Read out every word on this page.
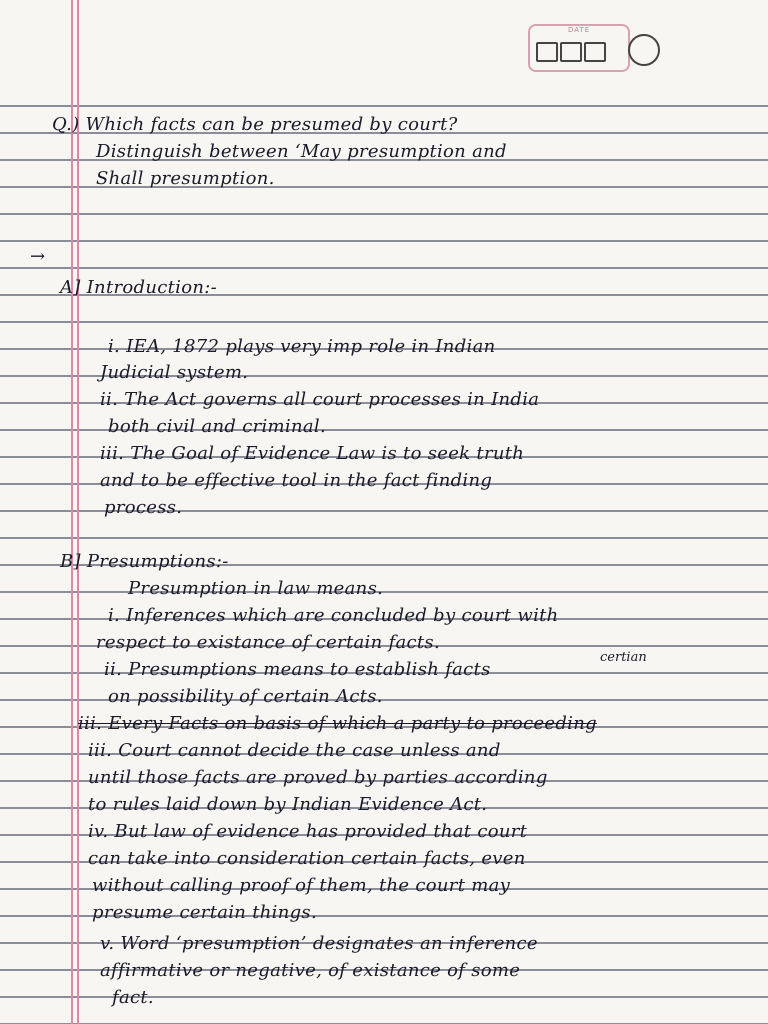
DATE
Q.) Which facts can be presumed by court?
Distinguish between ‘May presumption and
Shall presumption.
→
A] Introduction:-
i. IEA, 1872 plays very imp role in Indian
Judicial system.
ii. The Act governs all court processes in India
both civil and criminal.
iii. The Goal of Evidence Law is to seek truth
and to be effective tool in the fact finding
process.
B] Presumptions:-
Presumption in law means.
i. Inferences which are concluded by court with
respect to existance of certain facts.
certian
ii. Presumptions means to establish facts
on possibility of certain Acts.
iii. Every Facts on basis of which a party to proceeding
iii. Court cannot decide the case unless and
until those facts are proved by parties according
to rules laid down by Indian Evidence Act.
iv. But law of evidence has provided that court
can take into consideration certain facts, even
without calling proof of them, the court may
presume certain things.
v. Word ‘presumption’ designates an inference
affirmative or negative, of existance of some
fact.
